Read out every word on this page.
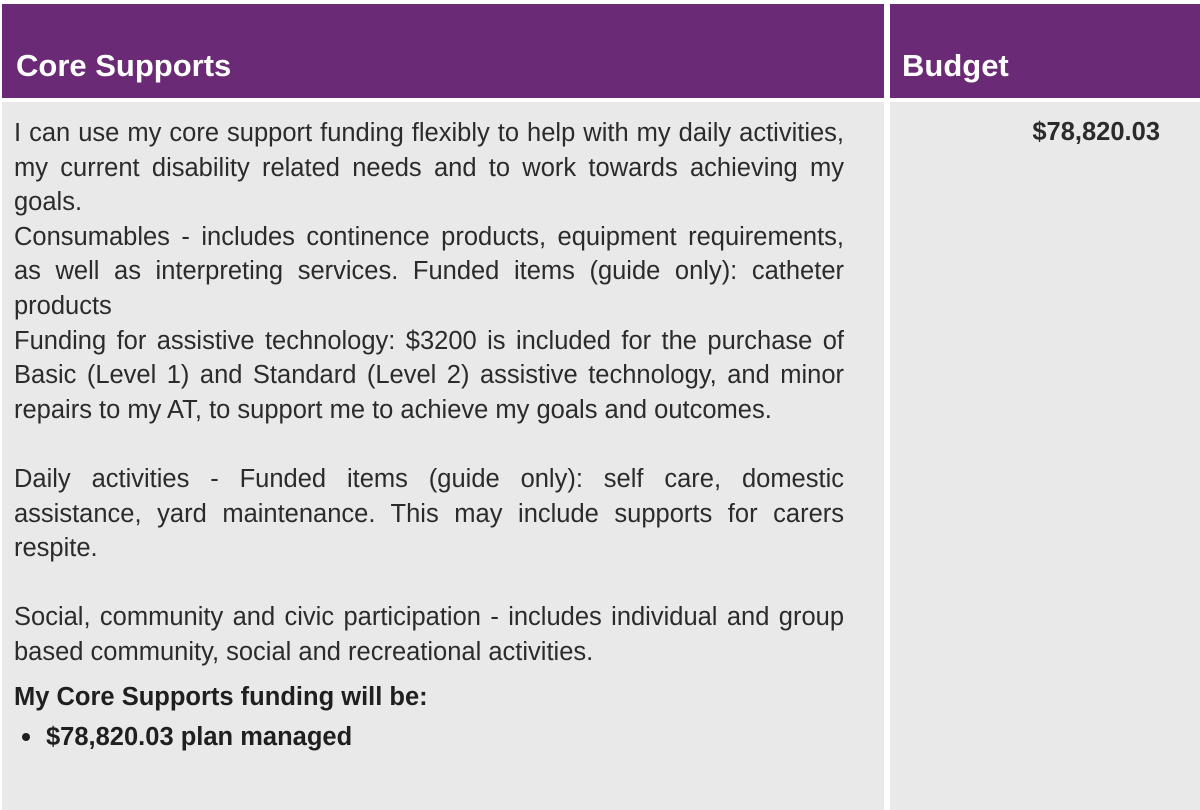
Core Supports	Budget

I can use my core support funding flexibly to help with my daily activities, my current disability related needs and to work towards achieving my goals.

Consumables - includes continence products, equipment requirements, as well as interpreting services. Funded items (guide only): catheter products

Funding for assistive technology: $3200 is included for the purchase of Basic (Level 1) and Standard (Level 2) assistive technology, and minor repairs to my AT, to support me to achieve my goals and outcomes.

Daily activities - Funded items (guide only): self care, domestic assistance, yard maintenance. This may include supports for carers respite.

Social, community and civic participation - includes individual and group based community, social and recreational activities.

My Core Supports funding will be:

$78,820.03 plan managed
$78,820.03
